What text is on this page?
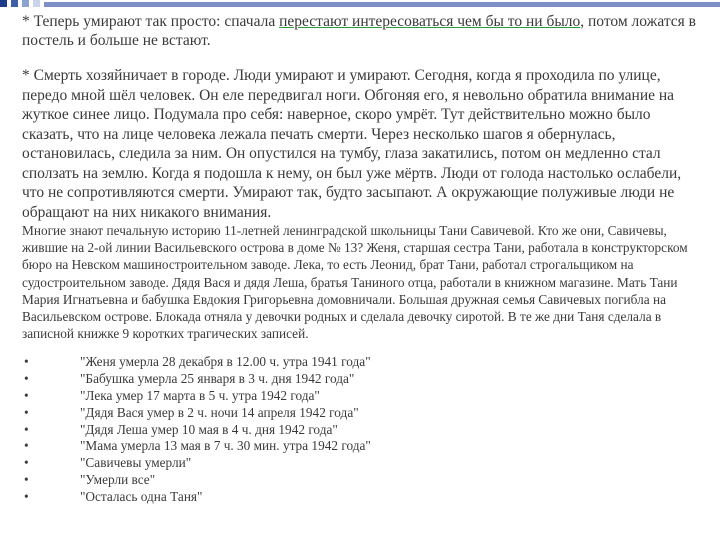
* Теперь умирают так просто: спачала перестают интересоваться чем бы то ни было, потом ложатся в постель и больше не встают.

* Смерть хозяйничает в городе. Люди умирают и умирают. Сегодня, когда я проходила по улице, передо мной шёл человек. Он еле передвигал ноги. Обгоняя его, я невольно обратила внимание на жуткое синее лицо. Подумала про себя: наверное, скоро умрёт. Тут действительно можно было сказать, что на лице человека лежала печать смерти. Через несколько шагов я обернулась, остановилась, следила за ним. Он опустился на тумбу, глаза закатились, потом он медленно стал сползать на землю. Когда я подошла к нему, он был уже мёртв. Люди от голода настолько ослабели, что не сопротивляются смерти. Умирают так, будто засыпают. А окружающие полуживые люди не обращают на них никакого внимания.

Многие знают печальную историю 11-летней ленинградской школьницы Тани Савичевой. Кто же они, Савичевы, жившие на 2-ой линии Васильевского острова в доме № 13? Женя, старшая сестра Тани, работала в конструкторском бюро на Невском машиностроительном заводе. Лека, то есть Леонид, брат Тани, работал строгальщиком на судостроительном заводе. Дядя Вася и дядя Леша, братья Таниного отца, работали в книжном магазине. Мать Тани Мария Игнатьевна и бабушка Евдокия Григорьевна домовничали. Большая дружная семья Савичевых погибла на Васильевском острове. Блокада отняла у девочки родных и сделала девочку сиротой. В те же дни Таня сделала в записной книжке 9 коротких трагических записей.

•	"Женя умерла 28 декабря в 12.00 ч. утра 1941 года"
•	"Бабушка умерла 25 января в 3 ч. дня 1942 года"
•	"Лека умер 17 марта в 5 ч. утра 1942 года"
•	"Дядя Вася умер в 2 ч. ночи 14 апреля 1942 года"
•	"Дядя Леша умер 10 мая в 4 ч. дня 1942 года"
•	"Мама умерла 13 мая в 7 ч. 30 мин. утра 1942 года"
•	"Савичевы умерли"
•	"Умерли все"
•	"Осталась одна Таня"
